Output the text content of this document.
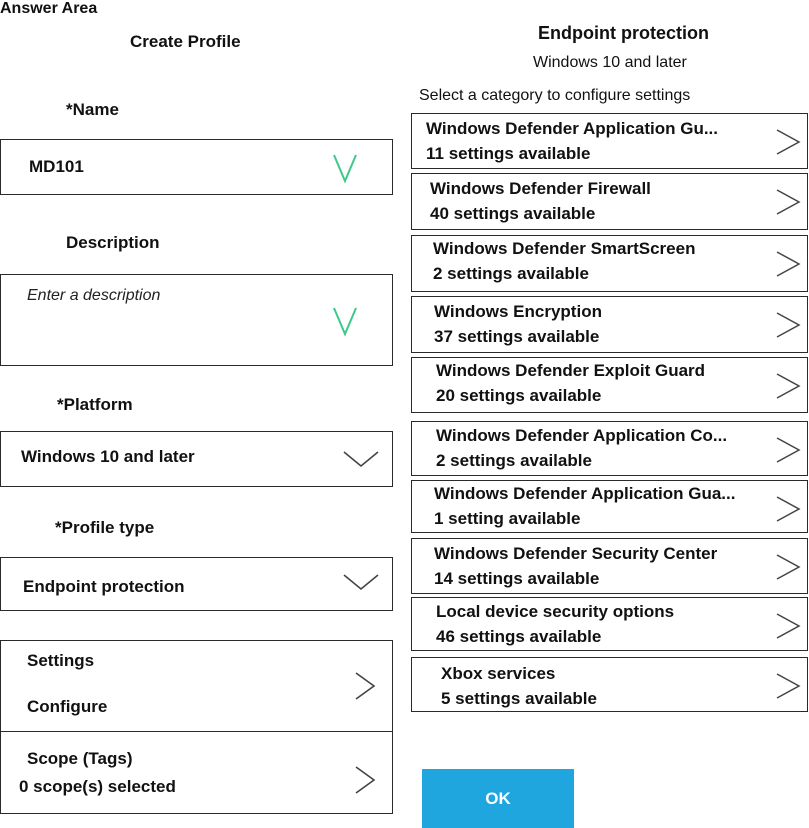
Answer Area
Create Profile
*Name
MD101
Description
Enter a description
*Platform
Windows 10 and later
*Profile type
Endpoint protection
Settings
Configure
Scope (Tags)
0 scope(s) selected
Endpoint protection
Windows 10 and later
Select a category to configure settings
Windows Defender Application Gu...
11 settings available
Windows Defender Firewall
40 settings available
Windows Defender SmartScreen
2 settings available
Windows Encryption
37 settings available
Windows Defender Exploit Guard
20 settings available
Windows Defender Application Co...
2 settings available
Windows Defender Application Gua...
1 setting available
Windows Defender Security Center
14 settings available
Local device security options
46 settings available
Xbox services
5 settings available
OK
